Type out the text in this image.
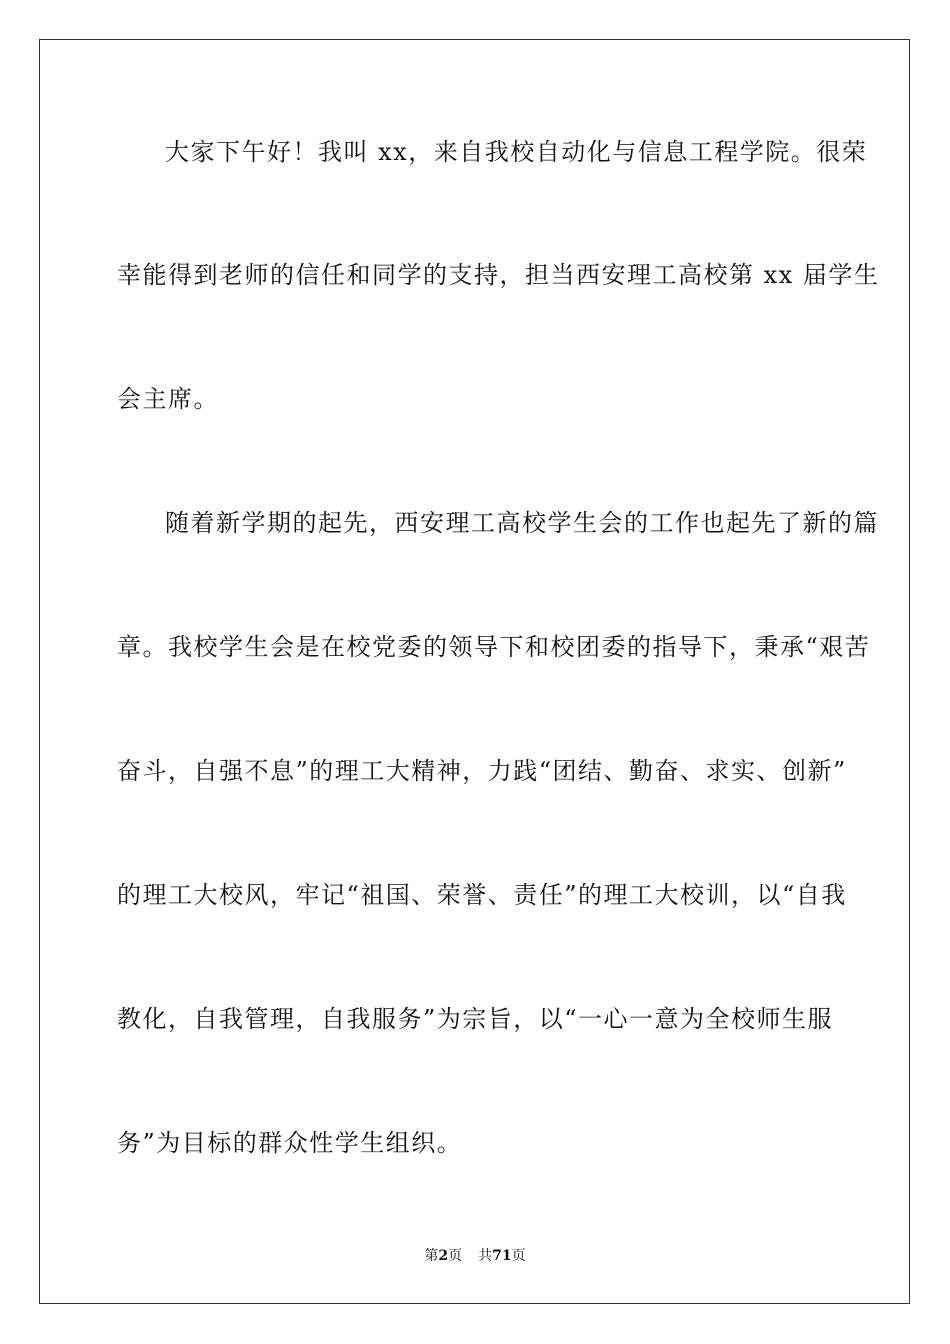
大家下午好！我叫 xx，来自我校自动化与信息工程学院。很荣
幸能得到老师的信任和同学的支持，担当西安理工高校第 xx 届学生
会主席。
随着新学期的起先，西安理工高校学生会的工作也起先了新的篇
章。我校学生会是在校党委的领导下和校团委的指导下，秉承“艰苦
奋斗，自强不息”的理工大精神，力践“团结、勤奋、求实、创新”
的理工大校风，牢记“祖国、荣誉、责任”的理工大校训，以“自我
教化，自我管理，自我服务”为宗旨，以“一心一意为全校师生服
务”为目标的群众性学生组织。
第2页 共71页
